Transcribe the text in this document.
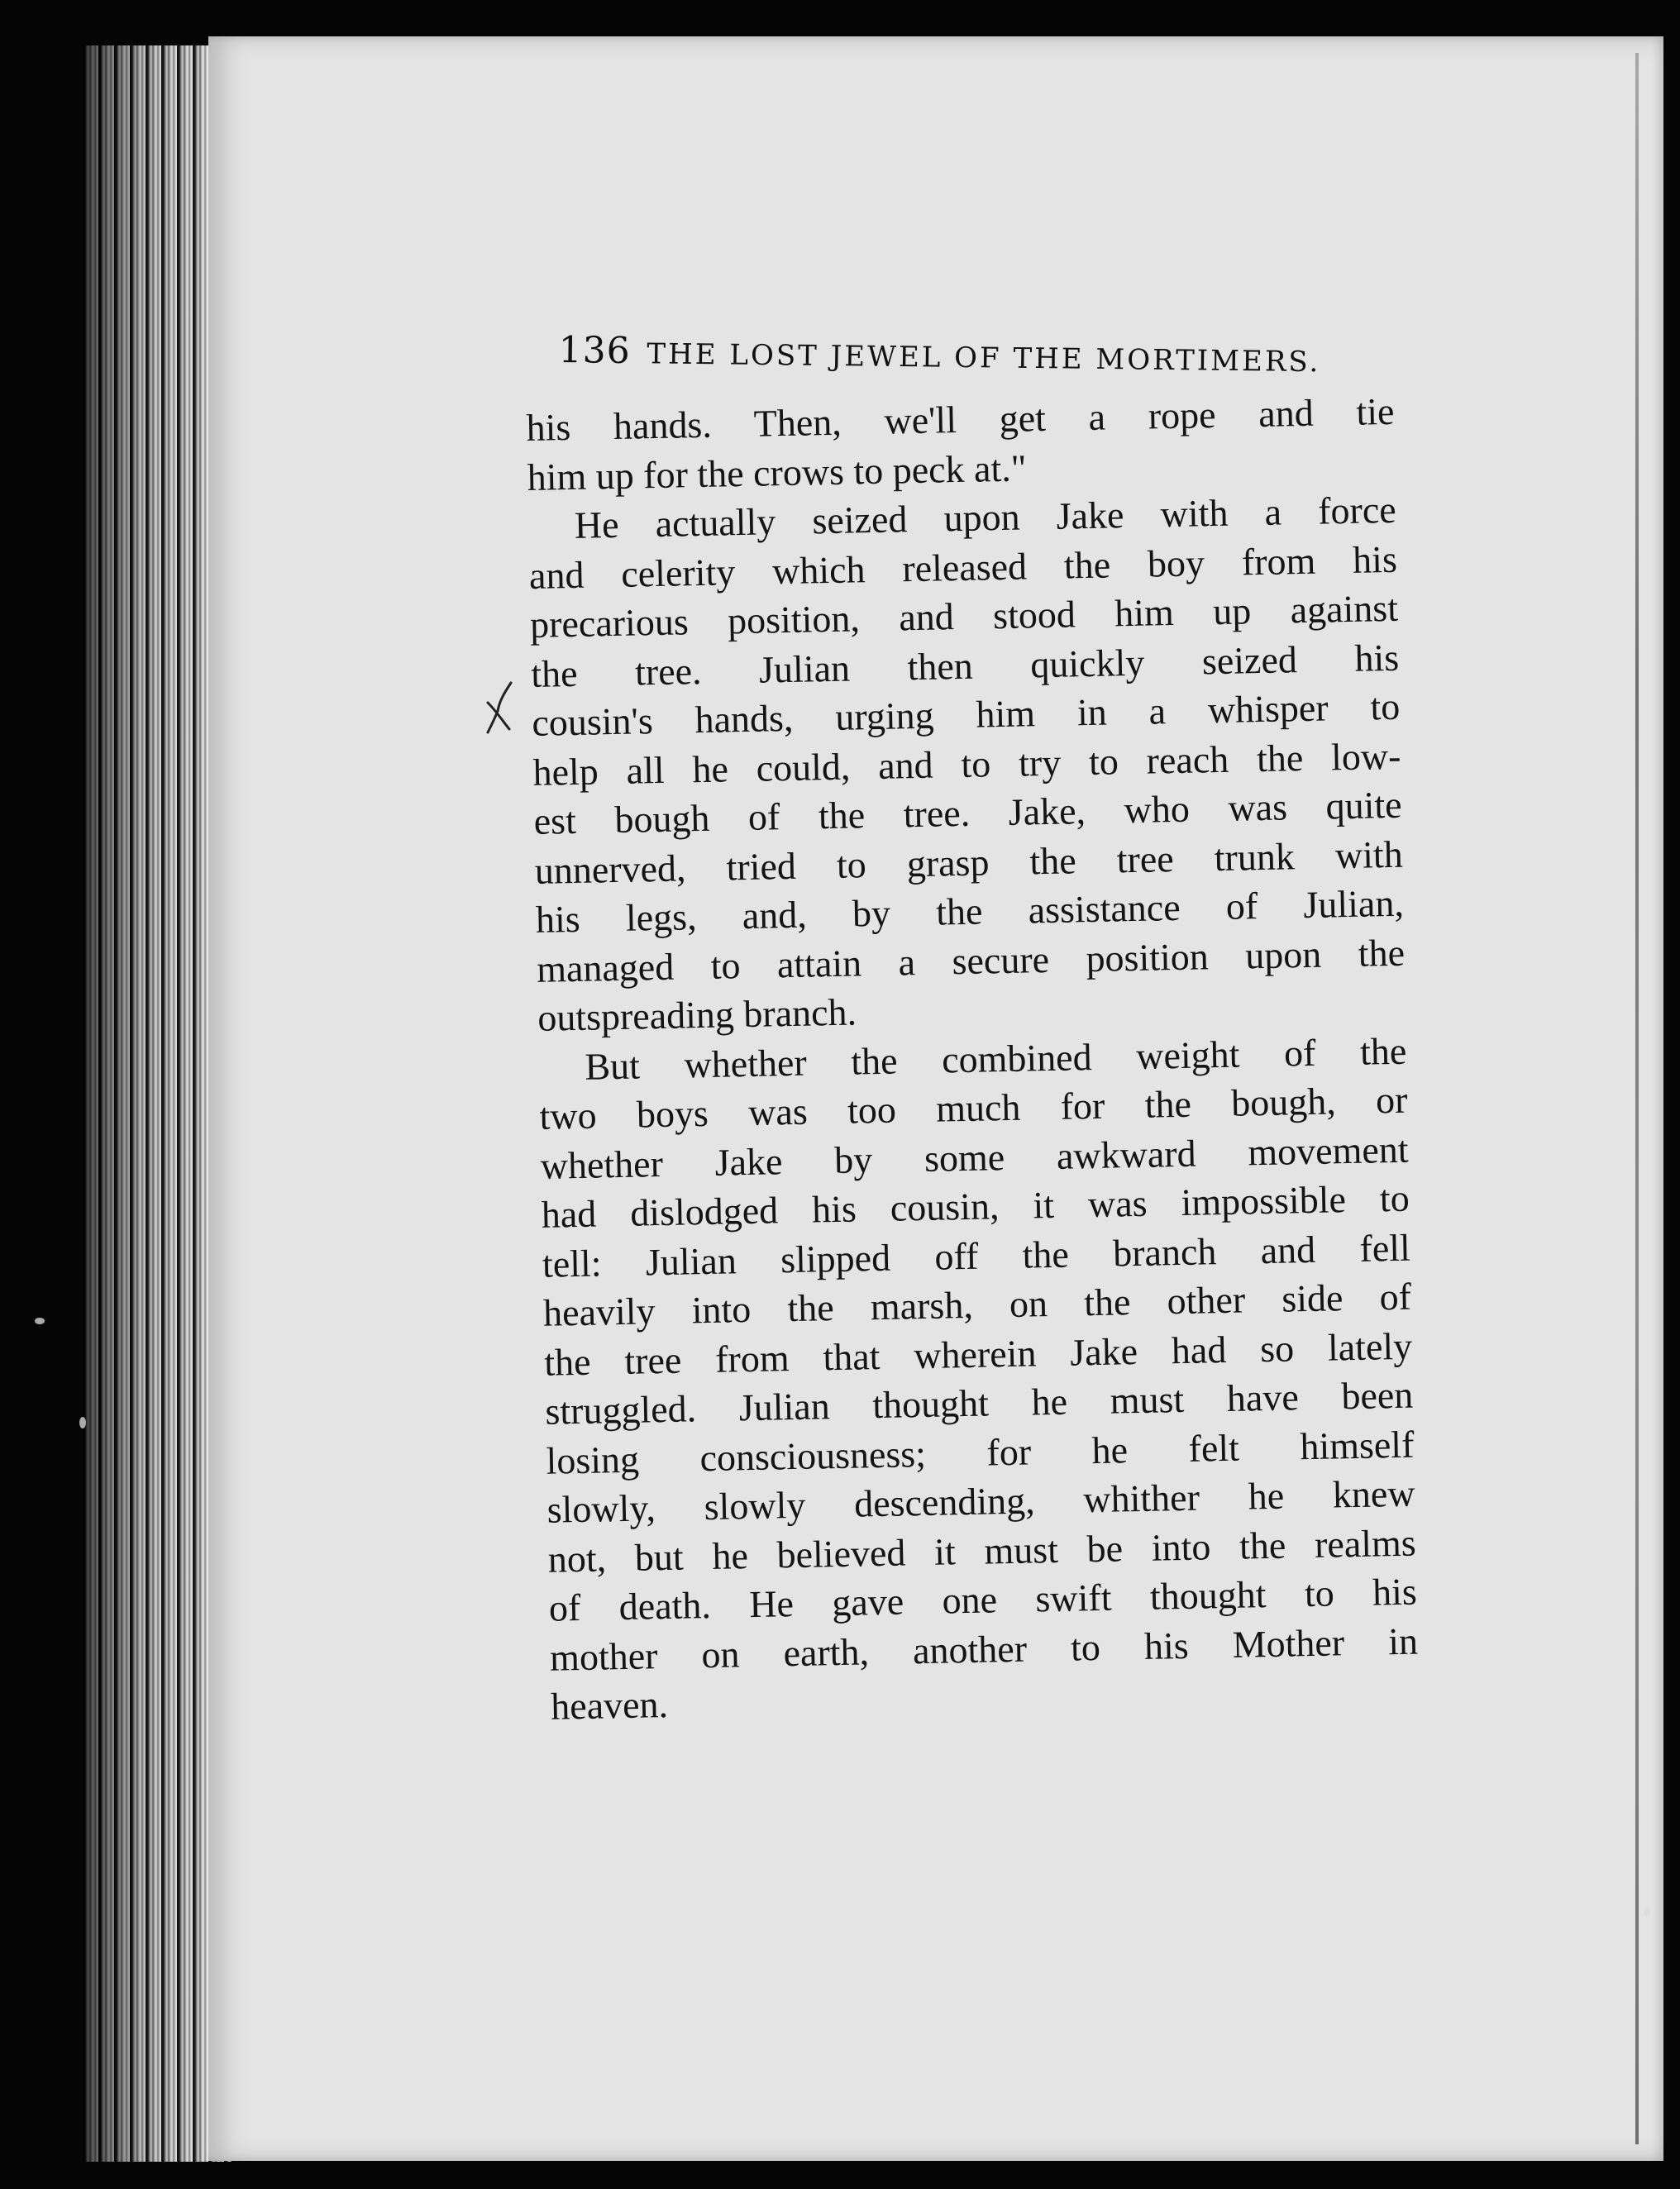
136 THE LOST JEWEL OF THE MORTIMERS.

his hands. Then, we'll get a rope and tie

him up for the crows to peck at."

He actually seized upon Jake with a force

and celerity which released the boy from his

precarious position, and stood him up against

the tree. Julian then quickly seized his

cousin's hands, urging him in a whisper to

help all he could, and to try to reach the low-

est bough of the tree. Jake, who was quite

unnerved, tried to grasp the tree trunk with

his legs, and, by the assistance of Julian,

managed to attain a secure position upon the

outspreading branch.

But whether the combined weight of the

two boys was too much for the bough, or

whether Jake by some awkward movement

had dislodged his cousin, it was impossible to

tell: Julian slipped off the branch and fell

heavily into the marsh, on the other side of

the tree from that wherein Jake had so lately

struggled. Julian thought he must have been

losing consciousness; for he felt himself

slowly, slowly descending, whither he knew

not, but he believed it must be into the realms

of death. He gave one swift thought to his

mother on earth, another to his Mother in

heaven.
